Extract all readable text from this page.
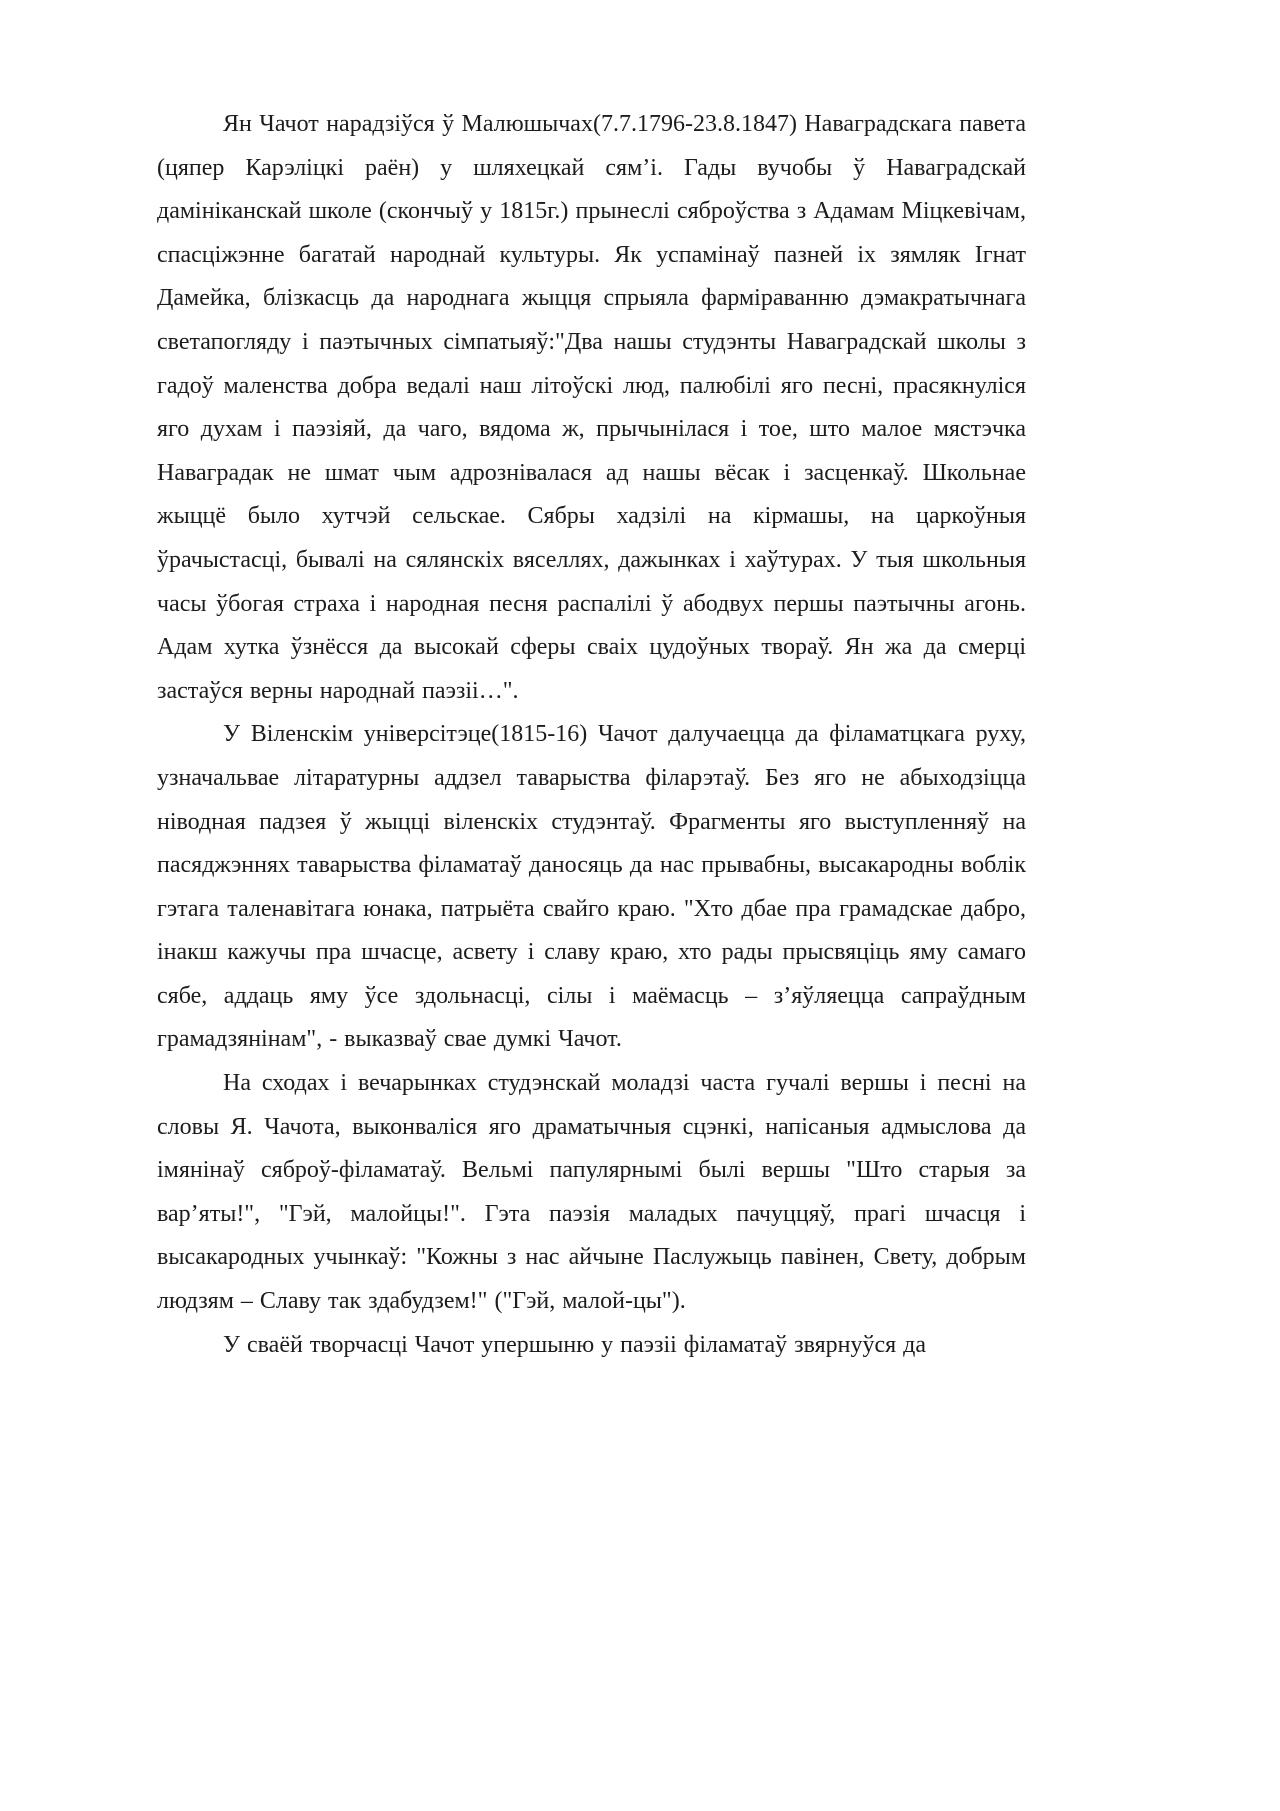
Ян Чачот нарадзіўся ў Малюшычах(7.7.1796-23.8.1847) Наваградскага павета (цяпер Карэліцкі раён) у шляхецкай сям’і. Гады вучобы ў Наваградскай дамініканскай школе (скончыў у 1815г.) прынеслі сяброўства з Адамам Міцкевічам, спасціжэнне багатай народнай культуры. Як успамінаў пазней іх зямляк Ігнат Дамейка, блізкасць да народнага жыцця спрыяла фарміраванню дэмакратычнага светапогляду і паэтычных сімпатыяў:"Два нашы студэнты Наваградскай школы з гадоў маленства добра ведалі наш літоўскі люд, палюбілі яго песні, прасякнуліся яго духам і паэзіяй, да чаго, вядома ж, прычынілася і тое, што малое мястэчка Наваградак не шмат чым адрознівалася ад нашы вёсак і засценкаў. Школьнае жыццё было хутчэй сельскае. Сябры хадзілі на кірмашы, на царкоўныя ўрачыстасці, бывалі на сялянскіх вяселлях, дажынках і хаўтурах. У тыя школьныя часы ўбогая страха і народная песня распалілі ў абодвух першы паэтычны агонь. Адам хутка ўзнёсся да высокай сферы сваіх цудоўных твораў. Ян жа да смерці застаўся верны народнай паэзіі…".

У Віленскім універсітэце(1815-16) Чачот далучаецца да філаматцкага руху, узначальвае літаратурны аддзел таварыства філарэтаў. Без яго не абыходзіцца ніводная падзея ў жыцці віленскіх студэнтаў. Фрагменты яго выступленняў на пасяджэннях таварыства філаматаў даносяць да нас прывабны, высакародны воблік гэтага таленавітага юнака, патрыёта свайго краю. "Хто дбае пра грамадскае дабро, інакш кажучы пра шчасце, асвету і славу краю, хто рады прысвяціць яму самаго сябе, аддаць яму ўсе здольнасці, сілы і маёмасць – з’яўляецца сапраўдным грамадзянінам", - выказваў свае думкі Чачот.

На сходах і вечарынках студэнскай моладзі часта гучалі вершы і песні на словы Я. Чачота, выконваліся яго драматычныя сцэнкі, напісаныя адмыслова да імянінаў сяброў-філаматаў. Вельмі папулярнымі былі вершы "Што старыя за вар’яты!", "Гэй, малойцы!". Гэта паэзія маладых пачуццяў, прагі шчасця і высакародных учынкаў: "Кожны з нас айчыне Паслужыць павінен, Свету, добрым людзям – Славу так здабудзем!" ("Гэй, малой-цы").

У сваёй творчасці Чачот упершыню у паэзіі філаматаў звярнуўся да
